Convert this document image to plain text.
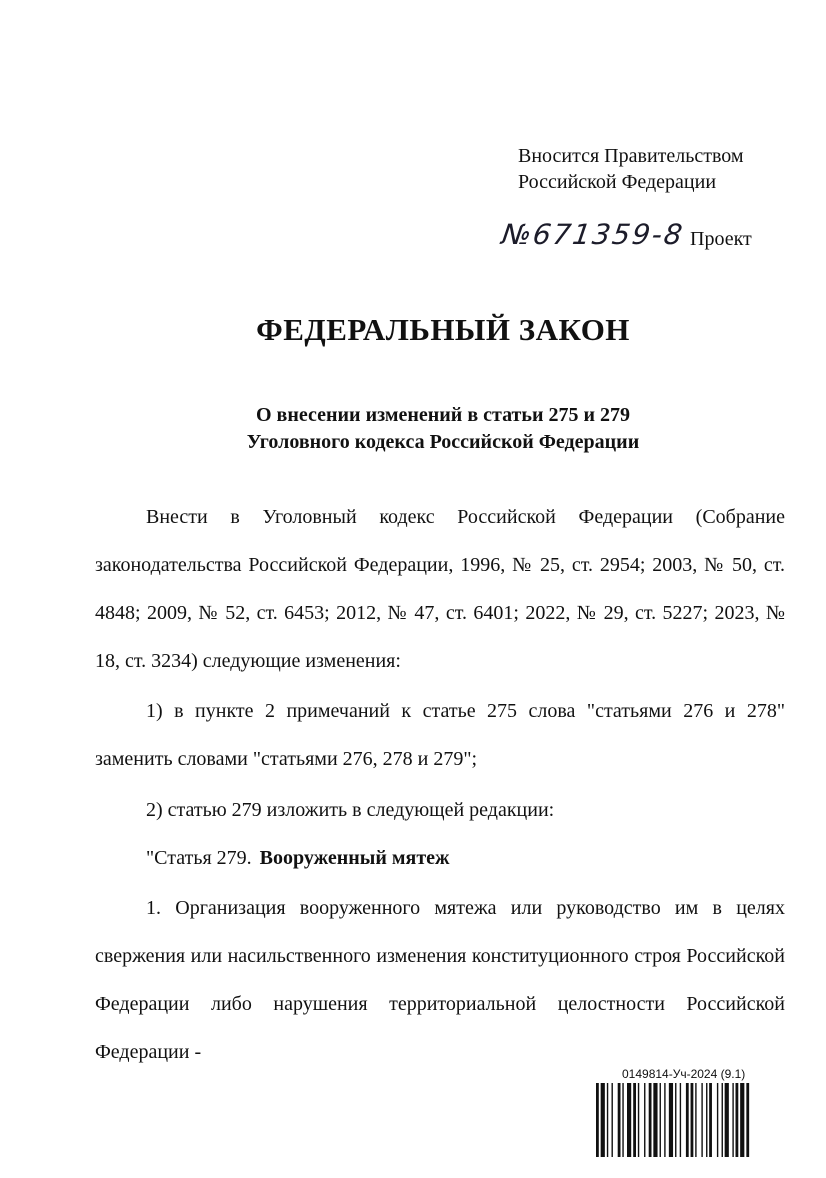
Вносится Правительством
Российской Федерации
№671359-8 Проект
ФЕДЕРАЛЬНЫЙ ЗАКОН
О внесении изменений в статьи 275 и 279
Уголовного кодекса Российской Федерации

Внести в Уголовный кодекс Российской Федерации (Собрание законодательства Российской Федерации, 1996, № 25, ст. 2954; 2003, № 50, ст. 4848; 2009, № 52, ст. 6453; 2012, № 47, ст. 6401; 2022, № 29, ст. 5227; 2023, № 18, ст. 3234) следующие изменения:

1) в пункте 2 примечаний к статье 275 слова "статьями 276 и 278" заменить словами "статьями 276, 278 и 279";

2) статью 279 изложить в следующей редакции:

"Статья 279. Вооруженный мятеж

1. Организация вооруженного мятежа или руководство им в целях свержения или насильственного изменения конституционного строя Российской Федерации либо нарушения территориальной целостности Российской Федерации -

0149814-Уч-2024 (9.1)
